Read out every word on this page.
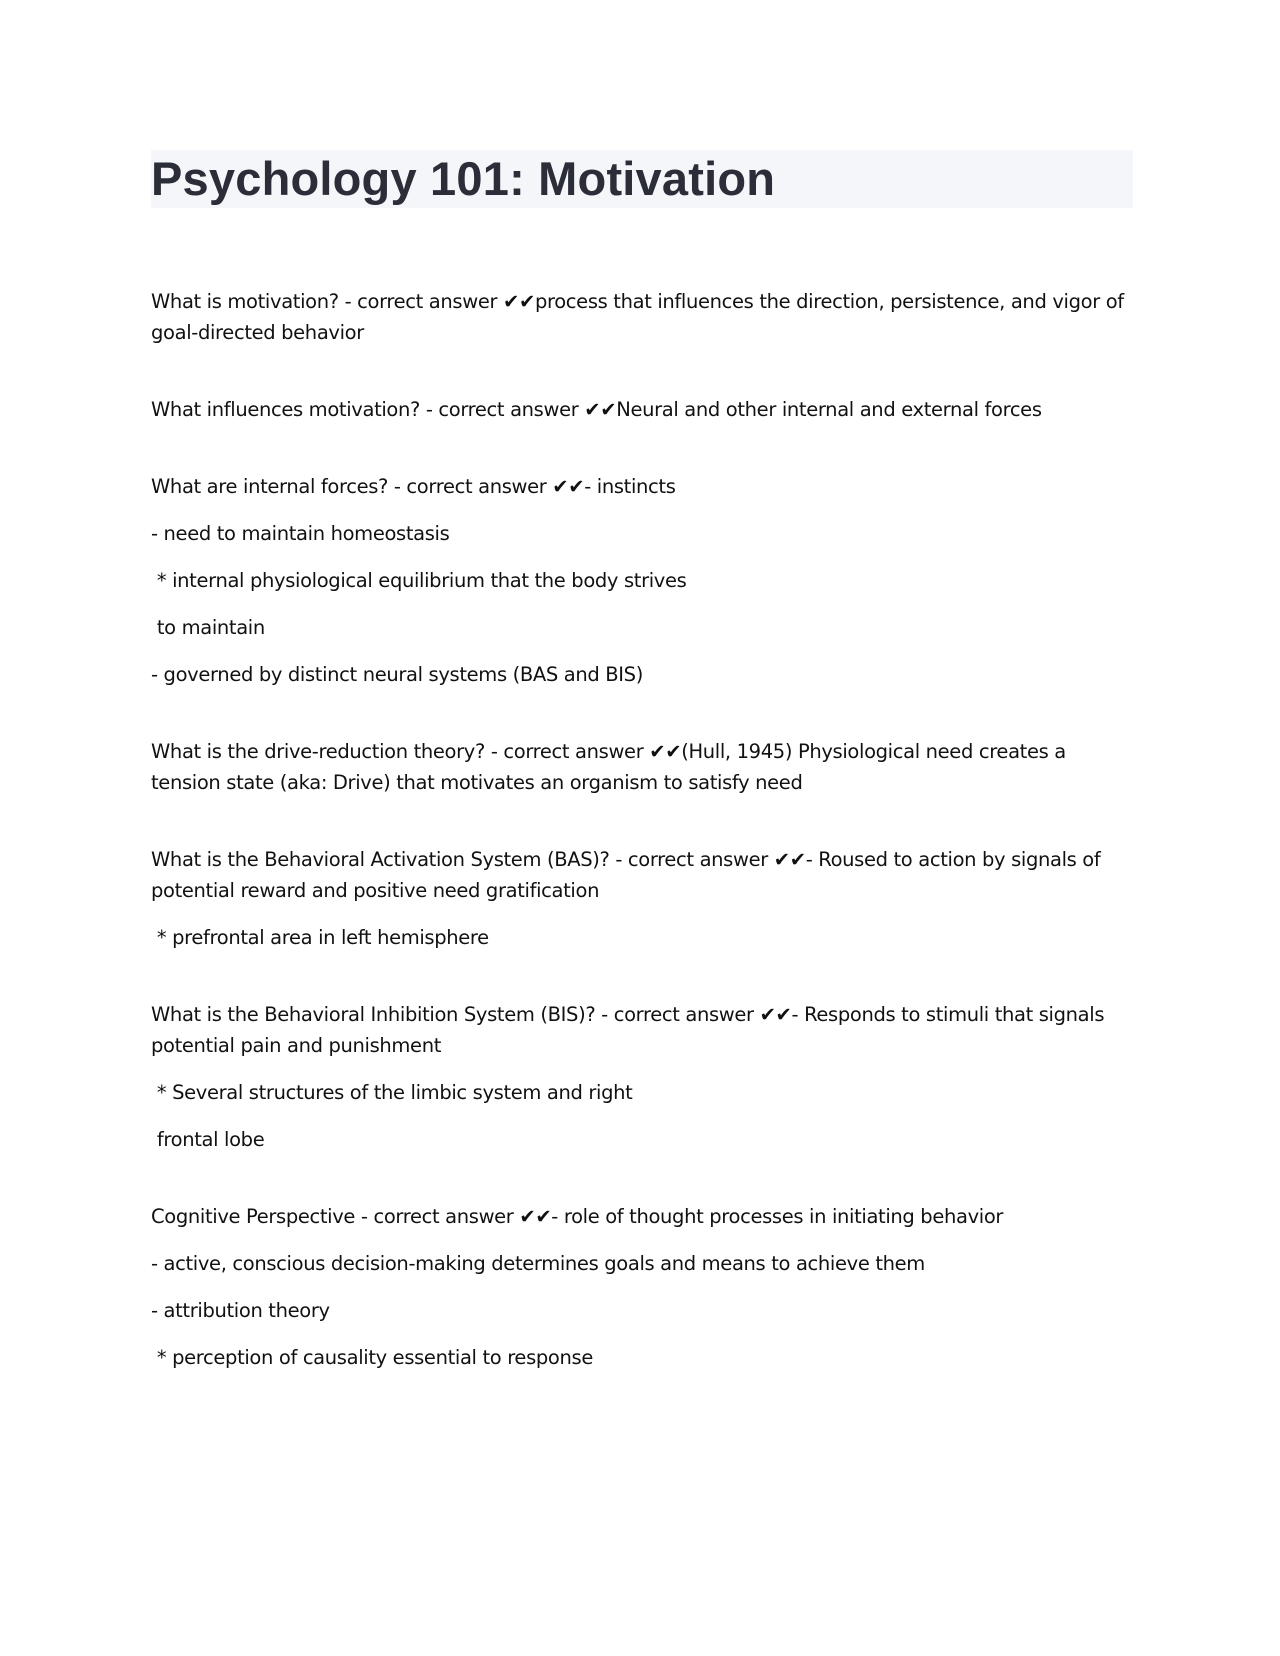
Psychology 101: Motivation

What is motivation? - correct answer ✔✔process that influences the direction, persistence, and vigor of goal-directed behavior

What influences motivation? - correct answer ✔✔Neural and other internal and external forces

What are internal forces? - correct answer ✔✔- instincts

- need to maintain homeostasis

* internal physiological equilibrium that the body strives

to maintain

- governed by distinct neural systems (BAS and BIS)

What is the drive-reduction theory? - correct answer ✔✔(Hull, 1945) Physiological need creates a tension state (aka: Drive) that motivates an organism to satisfy need

What is the Behavioral Activation System (BAS)? - correct answer ✔✔- Roused to action by signals of potential reward and positive need gratification

* prefrontal area in left hemisphere

What is the Behavioral Inhibition System (BIS)? - correct answer ✔✔- Responds to stimuli that signals potential pain and punishment

* Several structures of the limbic system and right

frontal lobe

Cognitive Perspective - correct answer ✔✔- role of thought processes in initiating behavior

- active, conscious decision-making determines goals and means to achieve them

- attribution theory

* perception of causality essential to response
